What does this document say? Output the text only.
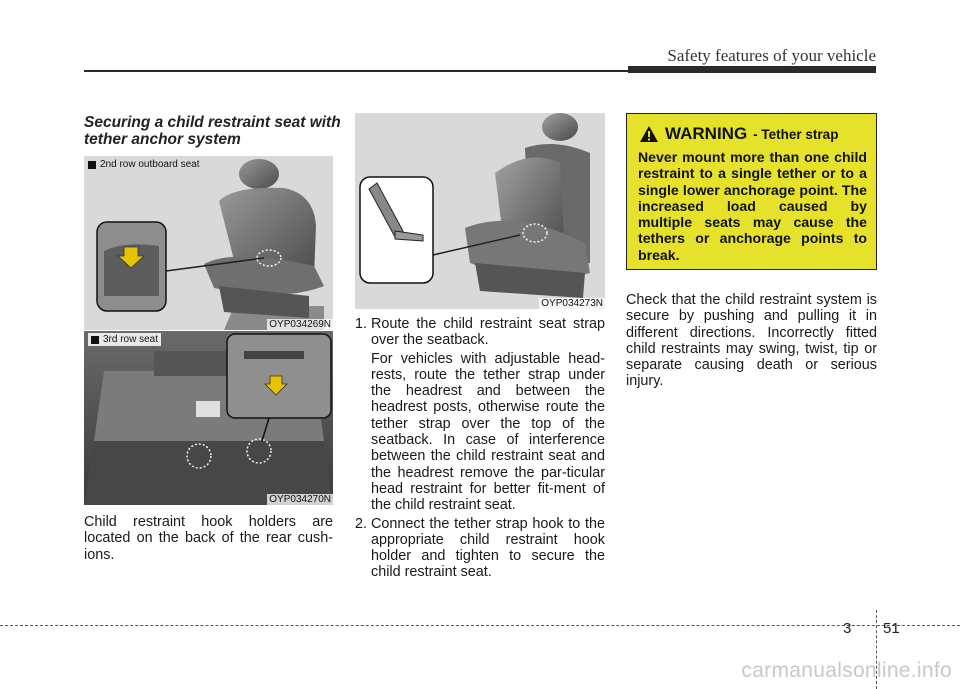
Safety features of your vehicle
Securing a child restraint seat with tether anchor system
2nd row outboard seat
OYP034269N
3rd row seat
OYP034270N
Child restraint hook holders are located on the back of the rear cush-ions.
OYP034273N
1. Route the child restraint seat strap over the seatback.
For vehicles with adjustable head-rests, route the tether strap under the headrest and between the headrest posts, otherwise route the tether strap over the top of the seatback. In case of interference between the child restraint seat and the headrest remove the par-ticular head restraint for better fit-ment of the child restraint seat.
2. Connect the tether strap hook to the appropriate child restraint hook holder and tighten to secure the child restraint seat.
WARNING - Tether strap
Never mount more than one child restraint to a single tether or to a single lower anchorage point. The increased load caused by multiple seats may cause the tethers or anchorage points to break.
Check that the child restraint system is secure by pushing and pulling it in different directions. Incorrectly fitted child restraints may swing, twist, tip or separate causing death or serious injury.
3 51
carmanualsonline.info
